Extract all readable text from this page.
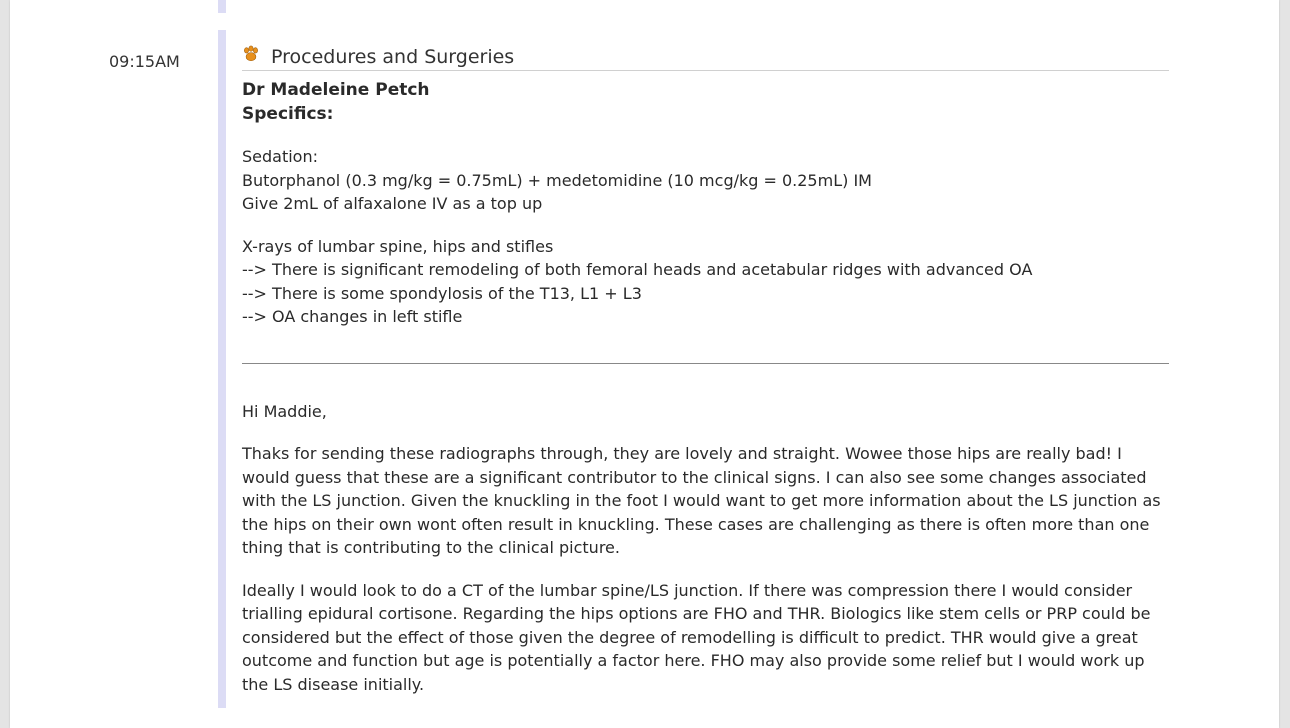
09:15AM	Procedures and Surgeries
Dr Madeleine Petch
Specifics:
Sedation:
Butorphanol (0.3 mg/kg = 0.75mL) + medetomidine (10 mcg/kg = 0.25mL) IM
Give 2mL of alfaxalone IV as a top up
X-rays of lumbar spine, hips and stifles
--> There is significant remodeling of both femoral heads and acetabular ridges with advanced OA
--> There is some spondylosis of the T13, L1 + L3
--> OA changes in left stifle
Hi Maddie,
Thaks for sending these radiographs through, they are lovely and straight. Wowee those hips are really bad! I would guess that these are a significant contributor to the clinical signs. I can also see some changes associated with the LS junction. Given the knuckling in the foot I would want to get more information about the LS junction as the hips on their own wont often result in knuckling. These cases are challenging as there is often more than one thing that is contributing to the clinical picture.
Ideally I would look to do a CT of the lumbar spine/LS junction. If there was compression there I would consider trialling epidural cortisone. Regarding the hips options are FHO and THR. Biologics like stem cells or PRP could be considered but the effect of those given the degree of remodelling is difficult to predict. THR would give a great outcome and function but age is potentially a factor here. FHO may also provide some relief but I would work up the LS disease initially.
